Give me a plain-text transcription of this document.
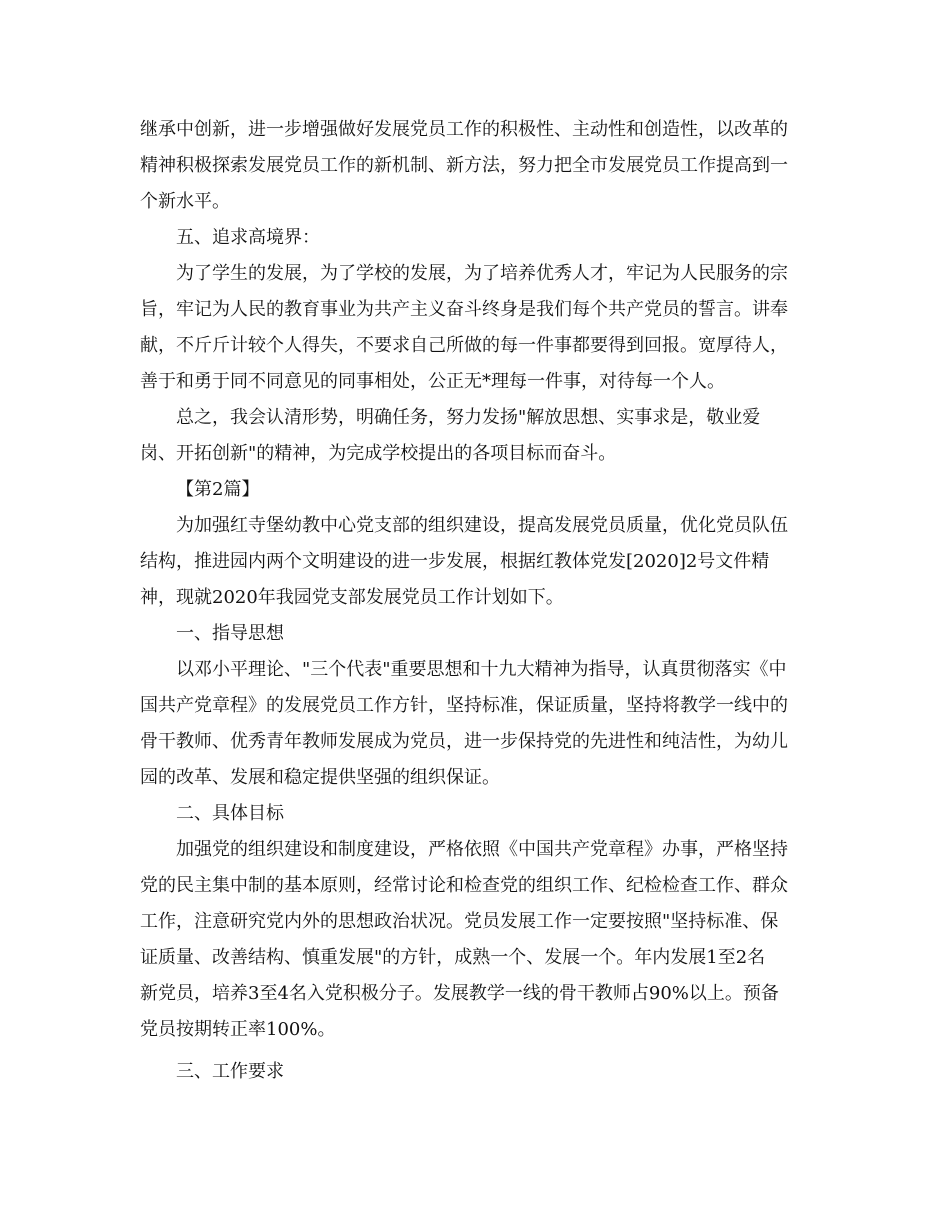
继承中创新，进一步增强做好发展党员工作的积极性、主动性和创造性，以改革的
精神积极探索发展党员工作的新机制、新方法，努力把全市发展党员工作提高到一
个新水平。
五、追求高境界：
为了学生的发展，为了学校的发展，为了培养优秀人才，牢记为人民服务的宗
旨，牢记为人民的教育事业为共产主义奋斗终身是我们每个共产党员的誓言。讲奉
献，不斤斤计较个人得失，不要求自己所做的每一件事都要得到回报。宽厚待人，
善于和勇于同不同意见的同事相处，公正无*理每一件事，对待每一个人。
总之，我会认清形势，明确任务，努力发扬"解放思想、实事求是，敬业爱
岗、开拓创新"的精神，为完成学校提出的各项目标而奋斗。
【第2篇】
为加强红寺堡幼教中心党支部的组织建设，提高发展党员质量，优化党员队伍
结构，推进园内两个文明建设的进一步发展，根据红教体党发[2020]2号文件精
神，现就2020年我园党支部发展党员工作计划如下。
一、指导思想
以邓小平理论、"三个代表"重要思想和十九大精神为指导，认真贯彻落实《中
国共产党章程》的发展党员工作方针，坚持标准，保证质量，坚持将教学一线中的
骨干教师、优秀青年教师发展成为党员，进一步保持党的先进性和纯洁性，为幼儿
园的改革、发展和稳定提供坚强的组织保证。
二、具体目标
加强党的组织建设和制度建设，严格依照《中国共产党章程》办事，严格坚持
党的民主集中制的基本原则，经常讨论和检查党的组织工作、纪检检查工作、群众
工作，注意研究党内外的思想政治状况。党员发展工作一定要按照"坚持标准、保
证质量、改善结构、慎重发展"的方针，成熟一个、发展一个。年内发展1至2名
新党员，培养3至4名入党积极分子。发展教学一线的骨干教师占90%以上。预备
党员按期转正率100%。
三、工作要求
